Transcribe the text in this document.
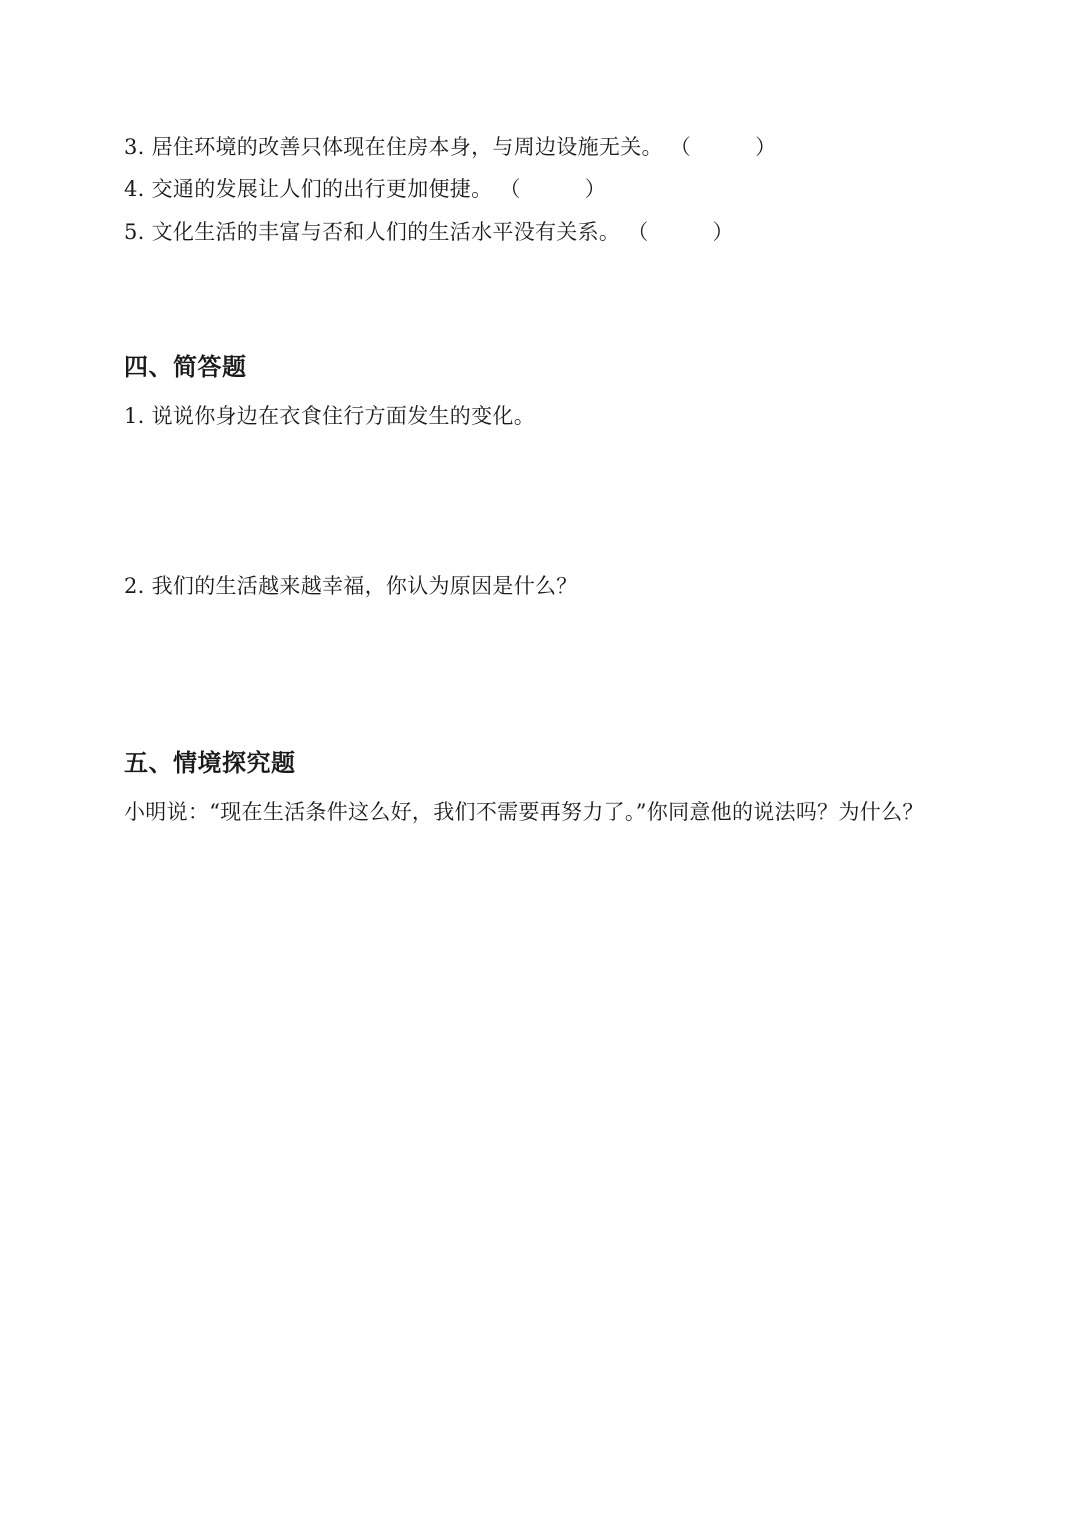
3. 居住环境的改善只体现在住房本身，与周边设施无关。 （	）
4. 交通的发展让人们的出行更加便捷。 （	）
5. 文化生活的丰富与否和人们的生活水平没有关系。 （	）
四、简答题
1. 说说你身边在衣食住行方面发生的变化。
2. 我们的生活越来越幸福，你认为原因是什么？
五、情境探究题
小明说：“现在生活条件这么好，我们不需要再努力了。”你同意他的说法吗？为什么？
